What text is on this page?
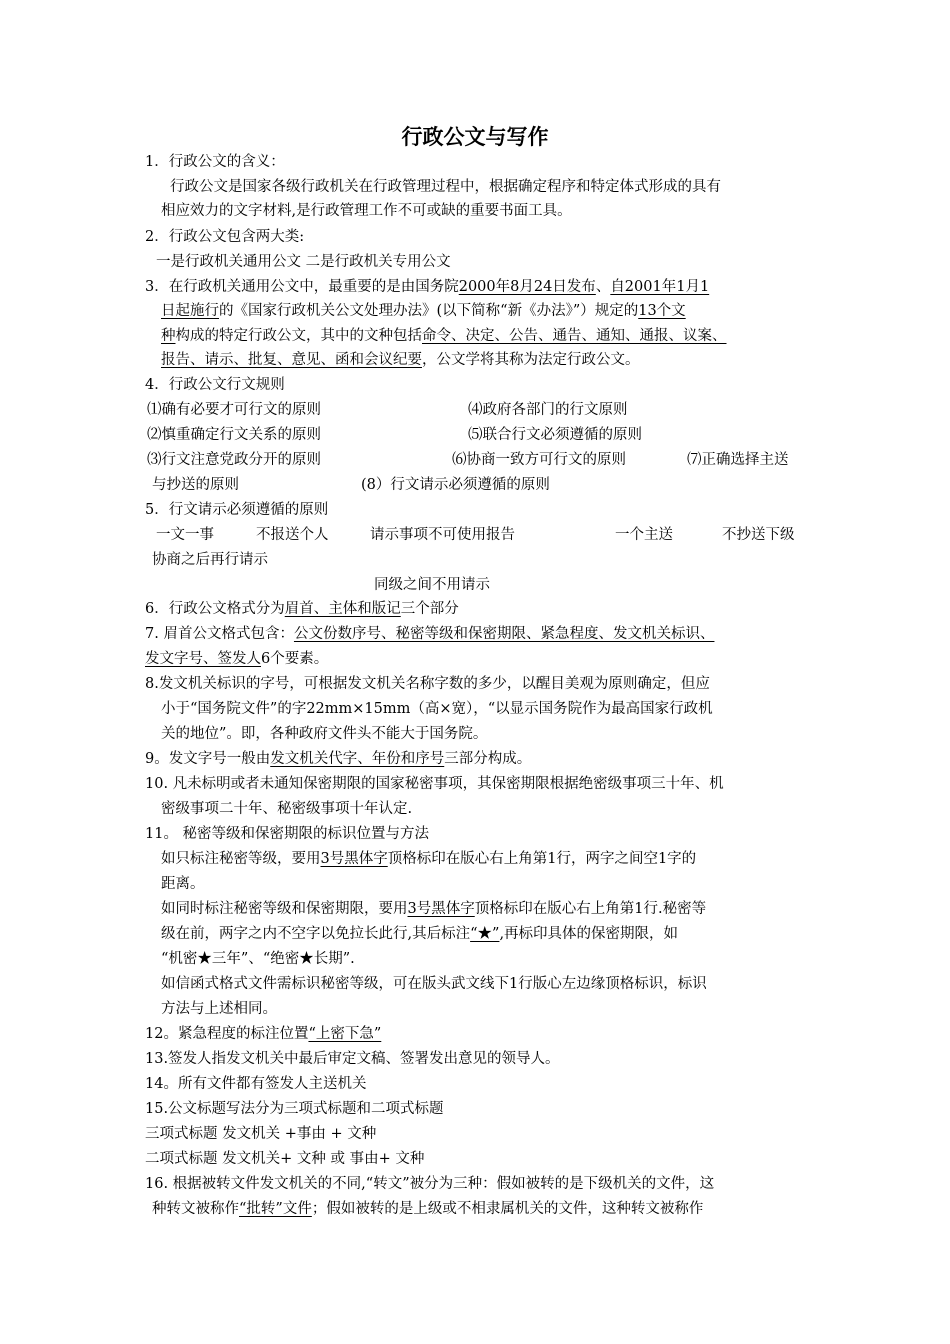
行政公文与写作
1．行政公文的含义：
行政公文是国家各级行政机关在行政管理过程中，根据确定程序和特定体式形成的具有
相应效力的文字材料,是行政管理工作不可或缺的重要书面工具。
2．行政公文包含两大类:
一是行政机关通用公文 二是行政机关专用公文
3．在行政机关通用公文中，最重要的是由国务院2000年8月24日发布、自2001年1月1
日起施行的《国家行政机关公文处理办法》(以下简称“新《办法》”）规定的13个文
种构成的特定行政公文，其中的文种包括命令、决定、公告、通告、通知、通报、议案、
报告、请示、批复、意见、函和会议纪要，公文学将其称为法定行政公文。
4．行政公文行文规则
⑴确有必要才可行文的原则	⑷政府各部门的行文原则
⑵慎重确定行文关系的原则	⑸联合行文必须遵循的原则
⑶行文注意党政分开的原则	⑹协商一致方可行文的原则	⑺正确选择主送
与抄送的原则	(8）行文请示必须遵循的原则
5．行文请示必须遵循的原则
一文一事	不报送个人	请示事项不可使用报告	一个主送	不抄送下级
协商之后再行请示
同级之间不用请示
6．行政公文格式分为眉首、主体和版记三个部分
7. 眉首公文格式包含：公文份数序号、秘密等级和保密期限、紧急程度、发文机关标识、
发文字号、签发人6个要素。
8.发文机关标识的字号，可根据发文机关名称字数的多少，以醒目美观为原则确定，但应
小于“国务院文件”的字22mm×15mm（高×宽），“以显示国务院作为最高国家行政机
关的地位”。即，各种政府文件头不能大于国务院。
9。发文字号一般由发文机关代字、年份和序号三部分构成。
10. 凡未标明或者未通知保密期限的国家秘密事项，其保密期限根据绝密级事项三十年、机
密级事项二十年、秘密级事项十年认定.
11。 秘密等级和保密期限的标识位置与方法
如只标注秘密等级，要用3号黑体字顶格标印在版心右上角第1行，两字之间空1字的
距离。
如同时标注秘密等级和保密期限，要用3号黑体字顶格标印在版心右上角第1行.秘密等
级在前，两字之内不空字以免拉长此行,其后标注“★”,再标印具体的保密期限，如
“机密★三年”、“绝密★长期”.
如信函式格式文件需标识秘密等级，可在版头武文线下1行版心左边缘顶格标识，标识
方法与上述相同。
12。紧急程度的标注位置“上密下急”
13.签发人指发文机关中最后审定文稿、签署发出意见的领导人。
14。所有文件都有签发人主送机关
15.公文标题写法分为三项式标题和二项式标题
三项式标题 发文机关 +事由 + 文种
二项式标题 发文机关+ 文种 或 事由+ 文种
16. 根据被转文件发文机关的不同,“转文”被分为三种：假如被转的是下级机关的文件，这
种转文被称作“批转”文件；假如被转的是上级或不相隶属机关的文件，这种转文被称作
